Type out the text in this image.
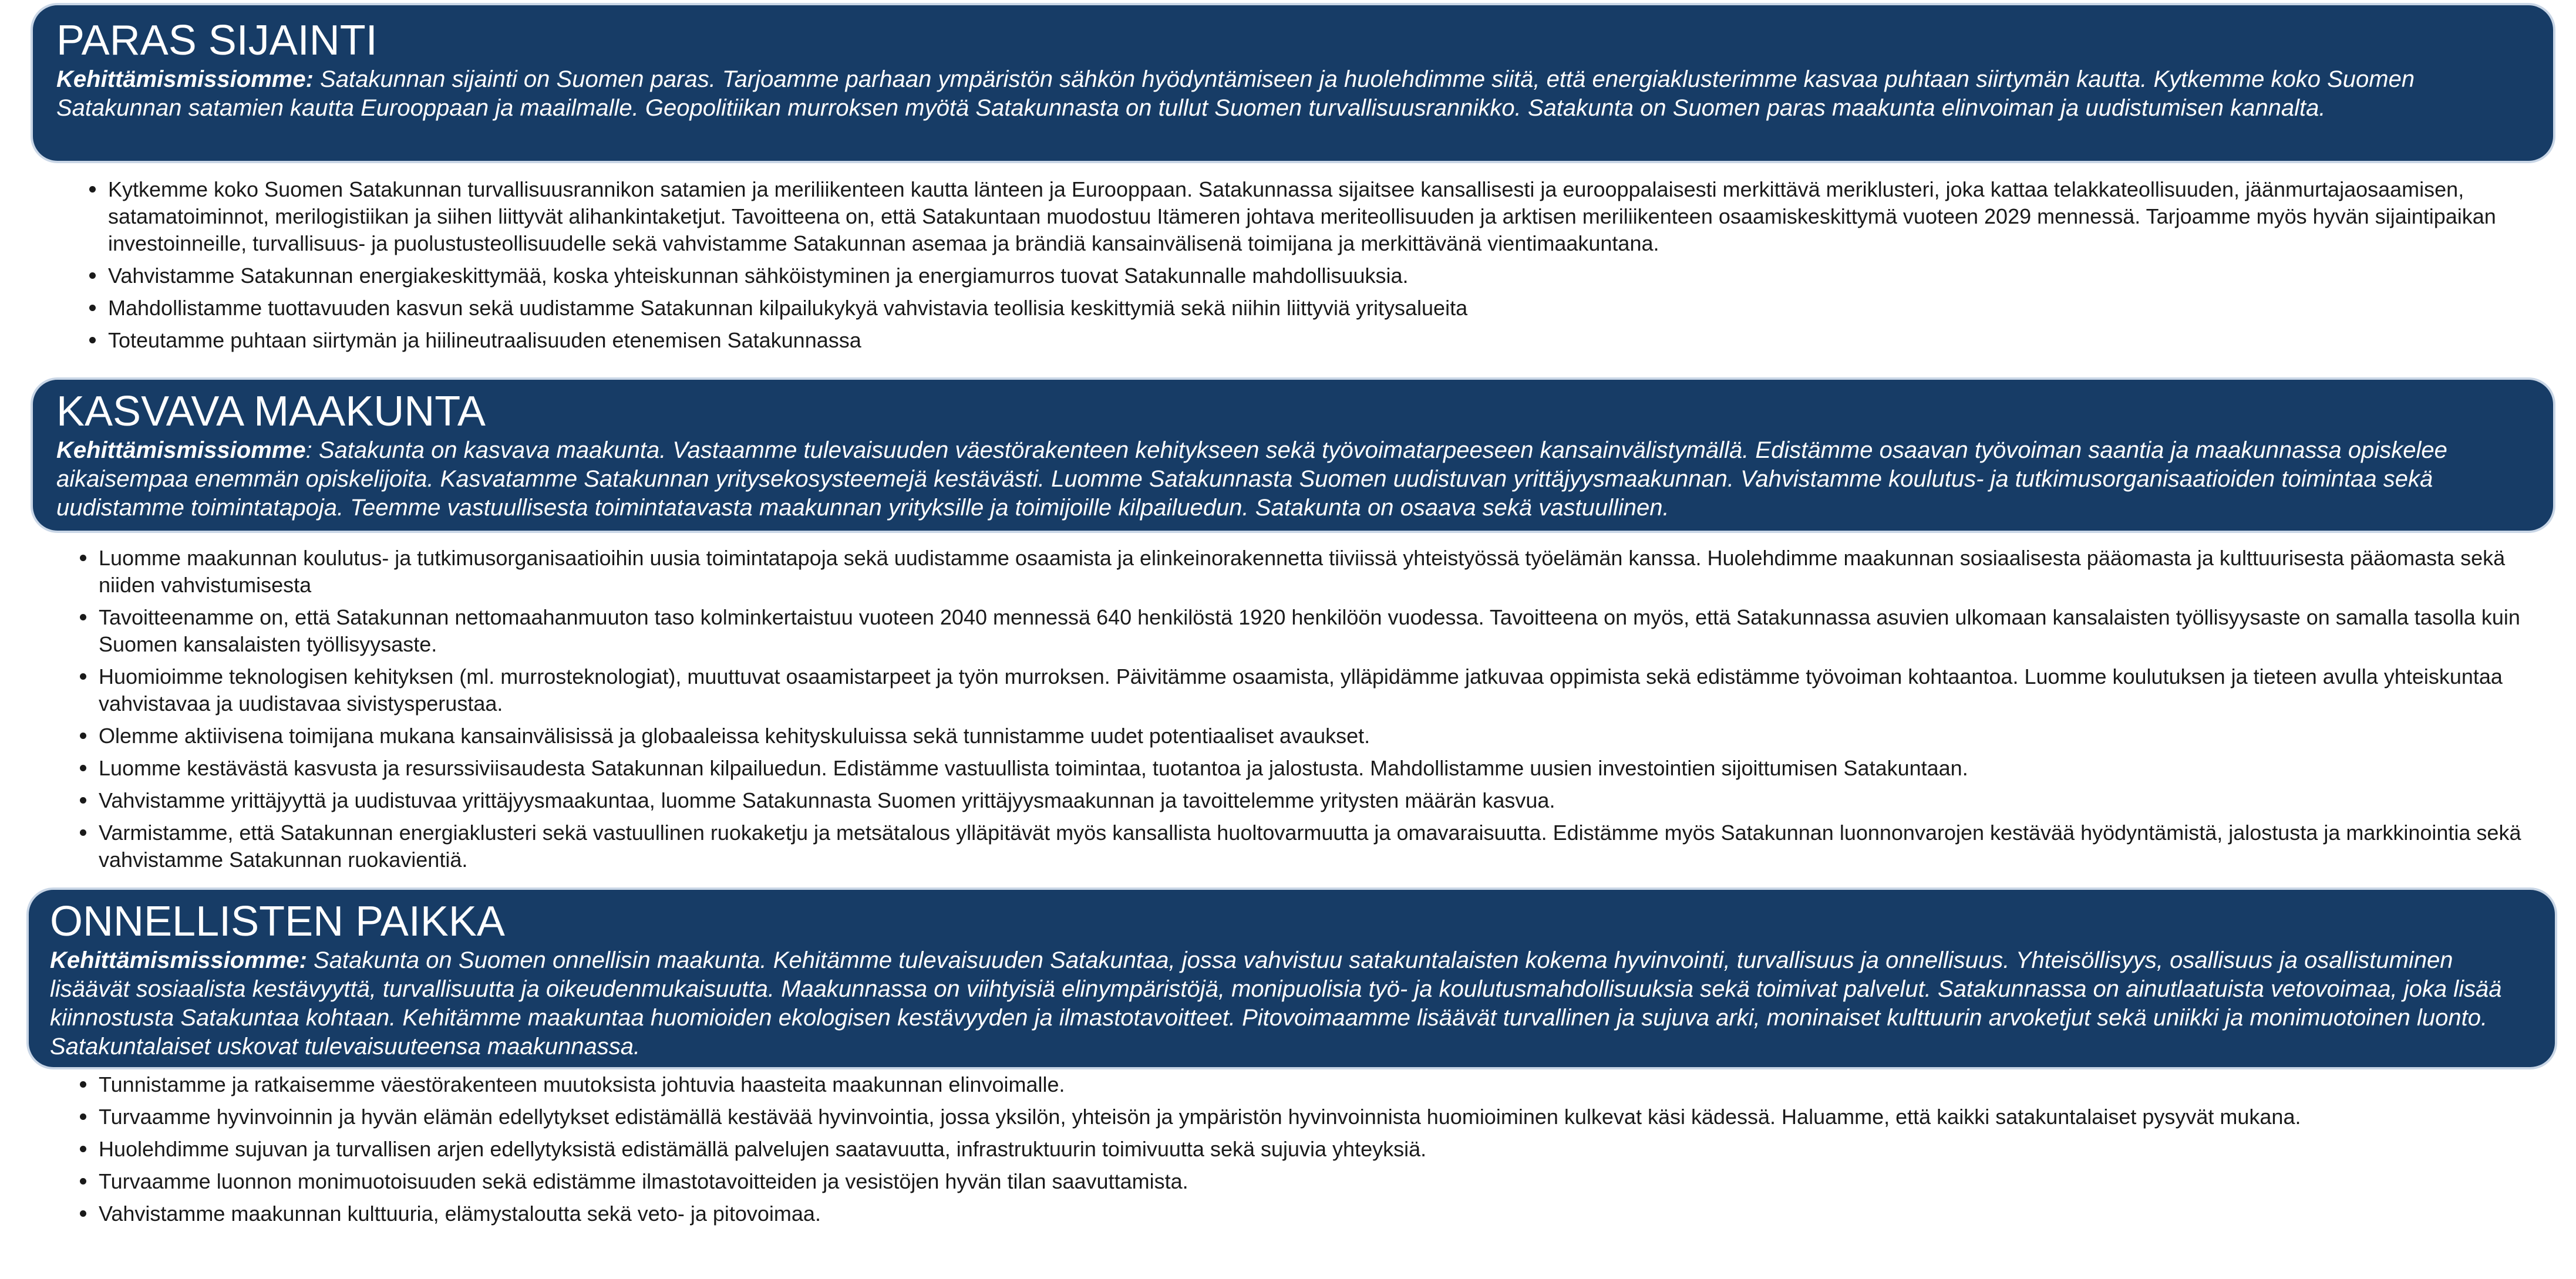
PARAS SIJAINTI
Kehittämismissiomme: Satakunnan sijainti on Suomen paras. Tarjoamme parhaan ympäristön sähkön hyödyntämiseen ja huolehdimme siitä, että energiaklusterimme kasvaa puhtaan siirtymän kautta. Kytkemme koko Suomen Satakunnan satamien kautta Eurooppaan ja maailmalle. Geopolitiikan murroksen myötä Satakunnasta on tullut Suomen turvallisuusrannikko. Satakunta on Suomen paras maakunta elinvoiman ja uudistumisen kannalta.
Kytkemme koko Suomen Satakunnan turvallisuusrannikon satamien ja meriliikenteen kautta länteen ja Eurooppaan. Satakunnassa sijaitsee kansallisesti ja eurooppalaisesti merkittävä meriklusteri, joka kattaa telakkateollisuuden, jäänmurtajaosaamisen, satamatoiminnot, merilogistiikan ja siihen liittyvät alihankintaketjut. Tavoitteena on, että Satakuntaan muodostuu Itämeren johtava meriteollisuuden ja arktisen meriliikenteen osaamiskeskittymä vuoteen 2029 mennessä. Tarjoamme myös hyvän sijaintipaikan investoinneille, turvallisuus- ja puolustusteollisuudelle sekä vahvistamme Satakunnan asemaa ja brändiä kansainvälisenä toimijana ja merkittävänä vientimaakuntana.
Vahvistamme Satakunnan energiakeskittymää, koska yhteiskunnan sähköistyminen ja energiamurros tuovat Satakunnalle mahdollisuuksia.
Mahdollistamme tuottavuuden kasvun sekä uudistamme Satakunnan kilpailukykyä vahvistavia teollisia keskittymiä sekä niihin liittyviä yritysalueita
Toteutamme puhtaan siirtymän ja hiilineutraalisuuden etenemisen Satakunnassa
KASVAVA MAAKUNTA
Kehittämismissiomme: Satakunta on kasvava maakunta. Vastaamme tulevaisuuden väestörakenteen kehitykseen sekä työvoimatarpeeseen kansainvälistymällä. Edistämme osaavan työvoiman saantia ja maakunnassa opiskelee aikaisempaa enemmän opiskelijoita. Kasvatamme Satakunnan yritysekosysteemejä kestävästi. Luomme Satakunnasta Suomen uudistuvan yrittäjyysmaakunnan. Vahvistamme koulutus- ja tutkimusorganisaatioiden toimintaa sekä uudistamme toimintatapoja. Teemme vastuullisesta toimintatavasta maakunnan yrityksille ja toimijoille kilpailuedun. Satakunta on osaava sekä vastuullinen.
Luomme maakunnan koulutus- ja tutkimusorganisaatioihin uusia toimintatapoja sekä uudistamme osaamista ja elinkeinorakennetta tiiviissä yhteistyössä työelämän kanssa. Huolehdimme maakunnan sosiaalisesta pääomasta ja kulttuurisesta pääomasta sekä niiden vahvistumisesta
Tavoitteenamme on, että Satakunnan nettomaahanmuuton taso kolminkertaistuu vuoteen 2040 mennessä 640 henkilöstä 1920 henkilöön vuodessa. Tavoitteena on myös, että Satakunnassa asuvien ulkomaan kansalaisten työllisyysaste on samalla tasolla kuin Suomen kansalaisten työllisyysaste.
Huomioimme teknologisen kehityksen (ml. murrosteknologiat), muuttuvat osaamistarpeet ja työn murroksen. Päivitämme osaamista, ylläpidämme jatkuvaa oppimista sekä edistämme työvoiman kohtaantoa. Luomme koulutuksen ja tieteen avulla yhteiskuntaa vahvistavaa ja uudistavaa sivistysperustaa.
Olemme aktiivisena toimijana mukana kansainvälisissä ja globaaleissa kehityskuluissa sekä tunnistamme uudet potentiaaliset avaukset.
Luomme kestävästä kasvusta ja resurssiviisaudesta Satakunnan kilpailuedun. Edistämme vastuullista toimintaa, tuotantoa ja jalostusta. Mahdollistamme uusien investointien sijoittumisen Satakuntaan.
Vahvistamme yrittäjyyttä ja uudistuvaa yrittäjyysmaakuntaa, luomme Satakunnasta Suomen yrittäjyysmaakunnan ja tavoittelemme yritysten määrän kasvua.
Varmistamme, että Satakunnan energiaklusteri sekä vastuullinen ruokaketju ja metsätalous ylläpitävät myös kansallista huoltovarmuutta ja omavaraisuutta. Edistämme myös Satakunnan luonnonvarojen kestävää hyödyntämistä, jalostusta ja markkinointia sekä vahvistamme Satakunnan ruokavientiä.
ONNELLISTEN PAIKKA
Kehittämismissiomme: Satakunta on Suomen onnellisin maakunta. Kehitämme tulevaisuuden Satakuntaa, jossa vahvistuu satakuntalaisten kokema hyvinvointi, turvallisuus ja onnellisuus. Yhteisöllisyys, osallisuus ja osallistuminen lisäävät sosiaalista kestävyyttä, turvallisuutta ja oikeudenmukaisuutta. Maakunnassa on viihtyisiä elinympäristöjä, monipuolisia työ- ja koulutusmahdollisuuksia sekä toimivat palvelut. Satakunnassa on ainutlaatuista vetovoimaa, joka lisää kiinnostusta Satakuntaa kohtaan. Kehitämme maakuntaa huomioiden ekologisen kestävyyden ja ilmastotavoitteet. Pitovoimaamme lisäävät turvallinen ja sujuva arki, moninaiset kulttuurin arvoketjut sekä uniikki ja monimuotoinen luonto. Satakuntalaiset uskovat tulevaisuuteensa maakunnassa.
Tunnistamme ja ratkaisemme väestörakenteen muutoksista johtuvia haasteita maakunnan elinvoimalle.
Turvaamme hyvinvoinnin ja hyvän elämän edellytykset edistämällä kestävää hyvinvointia, jossa yksilön, yhteisön ja ympäristön hyvinvoinnista huomioiminen kulkevat käsi kädessä. Haluamme, että kaikki satakuntalaiset pysyvät mukana.
Huolehdimme sujuvan ja turvallisen arjen edellytyksistä edistämällä palvelujen saatavuutta, infrastruktuurin toimivuutta sekä sujuvia yhteyksiä.
Turvaamme luonnon monimuotoisuuden sekä edistämme ilmastotavoitteiden ja vesistöjen hyvän tilan saavuttamista.
Vahvistamme maakunnan kulttuuria, elämystaloutta sekä veto- ja pitovoimaa.
